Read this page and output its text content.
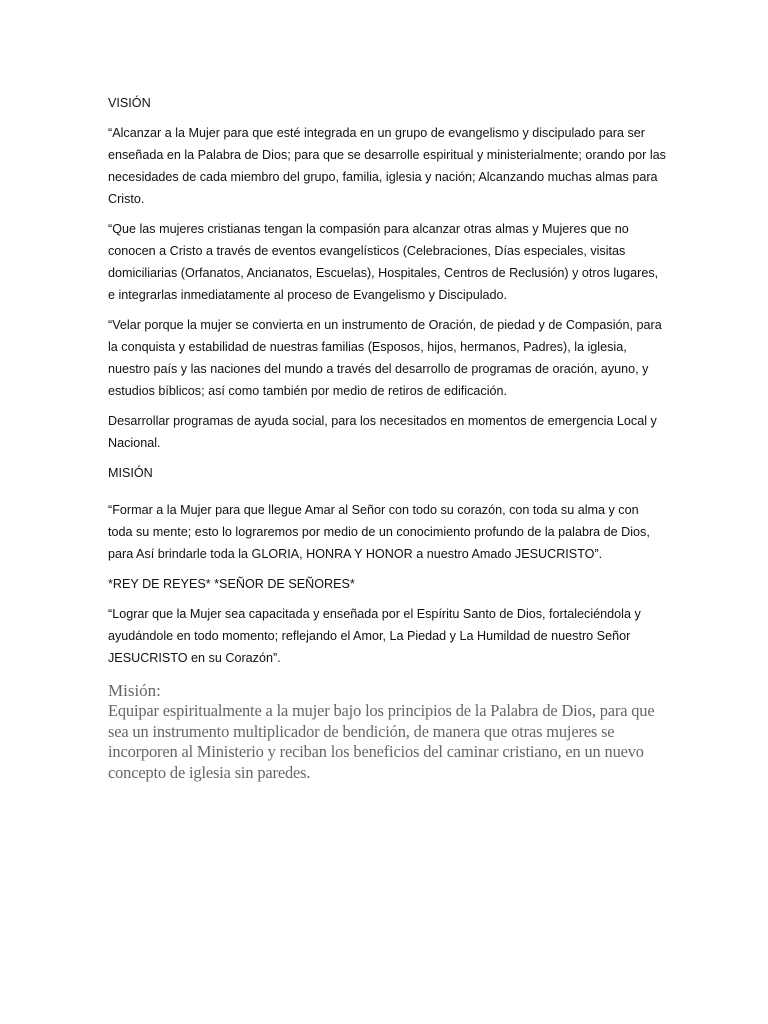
VISIÓN
“Alcanzar a la Mujer para que esté integrada en un grupo de evangelismo y discipulado para ser enseñada en la Palabra de Dios; para que se desarrolle espiritual y ministerialmente; orando por las necesidades de cada miembro del grupo, familia, iglesia y nación; Alcanzando muchas almas para Cristo.
“Que las mujeres cristianas tengan la compasión para alcanzar otras almas y Mujeres que no conocen a Cristo a través de eventos evangelísticos (Celebraciones, Días especiales, visitas domiciliarias (Orfanatos, Ancianatos, Escuelas), Hospitales, Centros de Reclusión) y otros lugares, e integrarlas inmediatamente al proceso de Evangelismo y Discipulado.
“Velar porque la mujer se convierta en un instrumento de Oración, de piedad y de Compasión, para la conquista y estabilidad de nuestras familias (Esposos, hijos, hermanos, Padres), la iglesia, nuestro país y las naciones del mundo a través del desarrollo de programas de oración, ayuno, y estudios bíblicos; así como también por medio de retiros de edificación.
Desarrollar programas de ayuda social, para los necesitados en momentos de emergencia Local y Nacional.
MISIÓN
“Formar a la Mujer para que llegue Amar al Señor con todo su corazón, con toda su alma y con toda su mente; esto lo lograremos por medio de un conocimiento profundo de la palabra de Dios, para Así brindarle toda la GLORIA, HONRA Y HONOR a nuestro Amado JESUCRISTO”.
*REY DE REYES* *SEÑOR DE SEÑORES*
“Lograr que la Mujer sea capacitada y enseñada por el Espíritu Santo de Dios, fortaleciéndola y ayudándole en todo momento; reflejando el Amor, La Piedad y La Humildad de nuestro Señor JESUCRISTO en su Corazón”.
Misión:
Equipar espiritualmente a la mujer bajo los principios de la Palabra de Dios, para que sea un instrumento multiplicador de bendición, de manera que otras mujeres se incorporen al Ministerio y reciban los beneficios del caminar cristiano, en un nuevo concepto de iglesia sin paredes.
